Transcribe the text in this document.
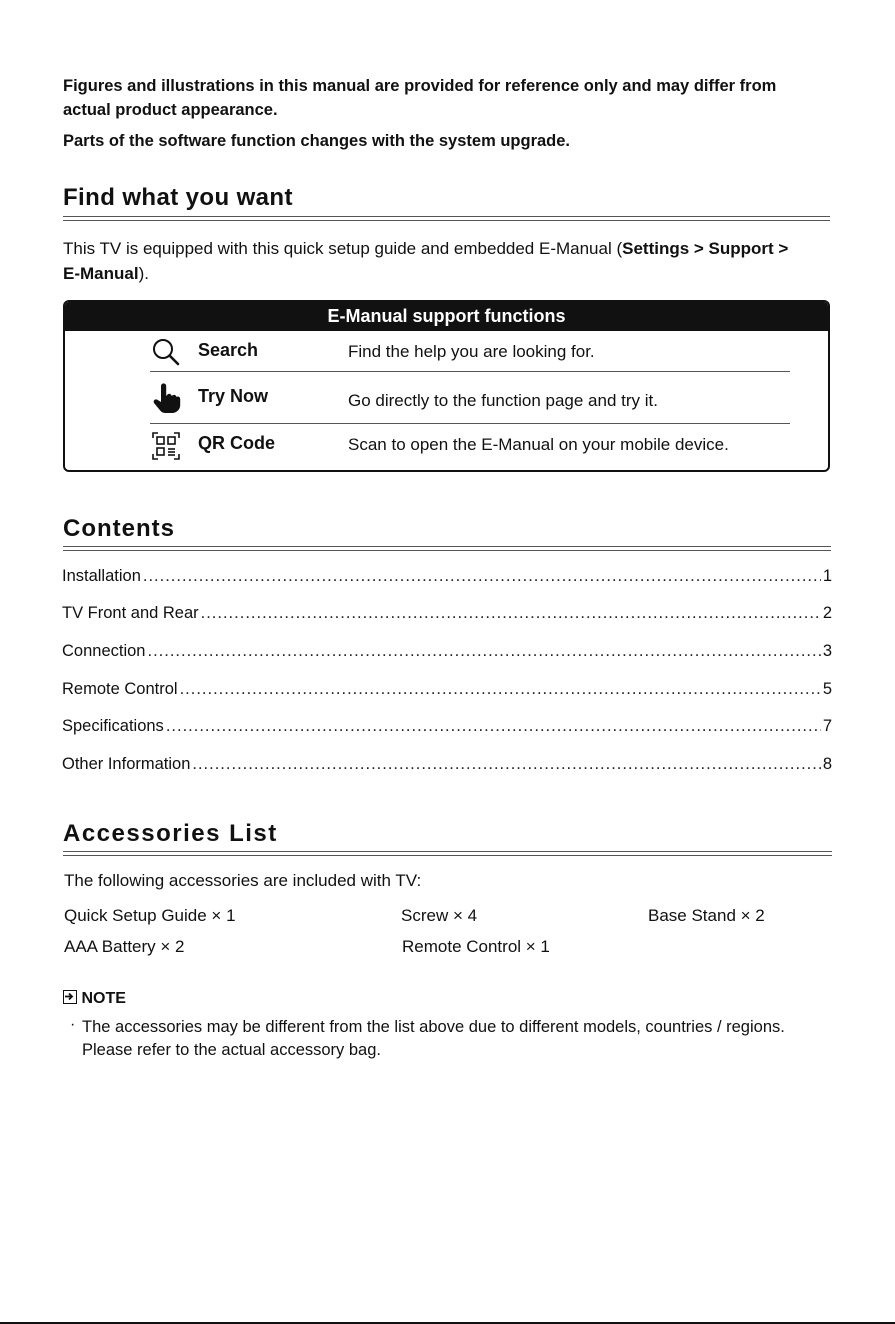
Figures and illustrations in this manual are provided for reference only and may differ from actual product appearance.
Parts of the software function changes with the system upgrade.
Find what you want
This TV is equipped with this quick setup guide and embedded E-Manual (Settings > Support > E-Manual).
E-Manual support functions
Search	Find the help you are looking for.
Try Now	Go directly to the function page and try it.
QR Code	Scan to open the E-Manual on your mobile device.
Contents
Installation .....	1
TV Front and Rear .....	2
Connection .....	3
Remote Control .....	5
Specifications .....	7
Other Information .....	8
Accessories List
The following accessories are included with TV:
Quick Setup Guide × 1	Screw × 4	Base Stand × 2
AAA Battery × 2	Remote Control × 1
NOTE
· The accessories may be different from the list above due to different models, countries / regions. Please refer to the actual accessory bag.
